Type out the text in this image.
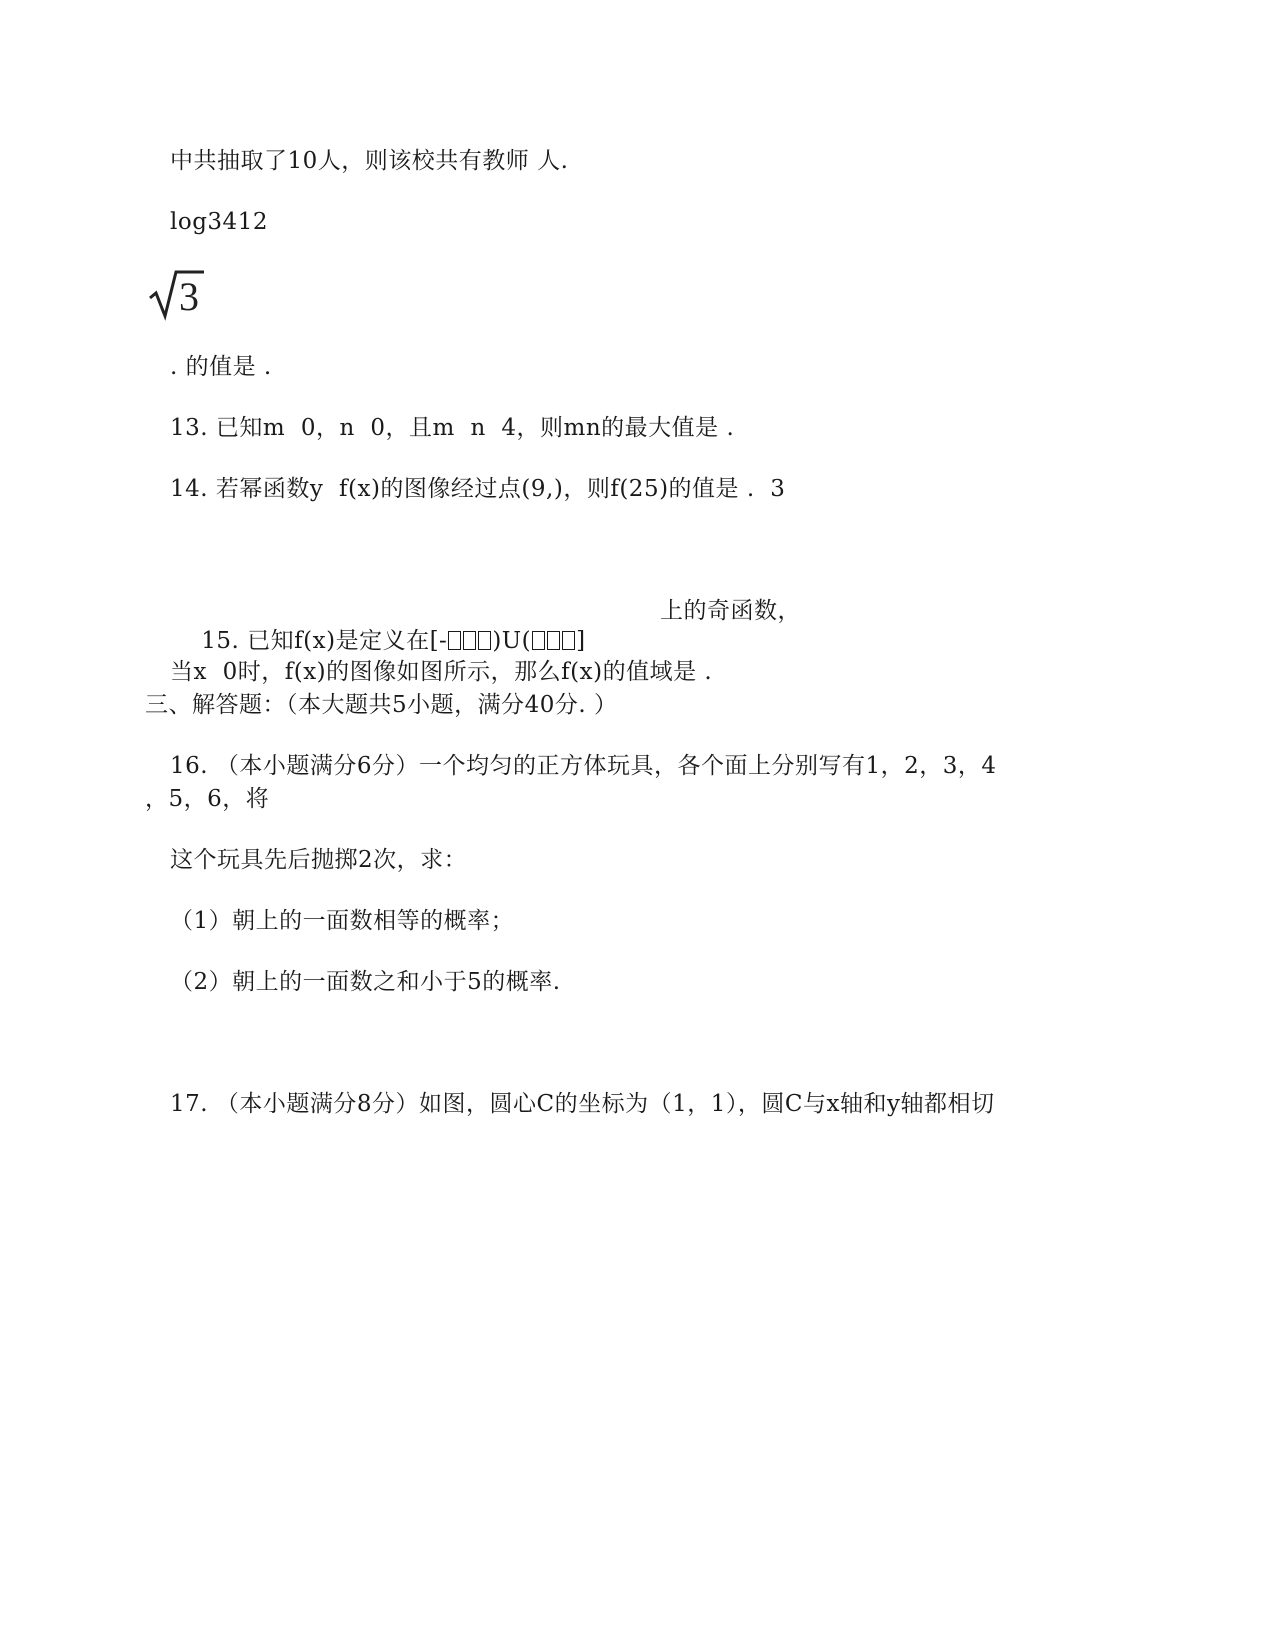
中共抽取了10人，则该校共有教师 人.
log3412
3
. 的值是 .
13. 已知m  0，n  0，且m  n  4，则mn的最大值是 .
14. 若幂函数y  f(x)的图像经过点(9,)，则f(25)的值是 .  3

15. 已知f(x)是定义在[- )U( ]

上的奇函数，
当x  0时，f(x)的图像如图所示，那么f(x)的值域是 .
三、解答题：（本大题共5小题，满分40分. ）
16. （本小题满分6分）一个均匀的正方体玩具，各个面上分别写有1，2，3，4
，5，6，将
这个玩具先后抛掷2次，求：
（1）朝上的一面数相等的概率；
（2）朝上的一面数之和小于5的概率.
17. （本小题满分8分）如图，圆心C的坐标为（1，1），圆C与x轴和y轴都相切
